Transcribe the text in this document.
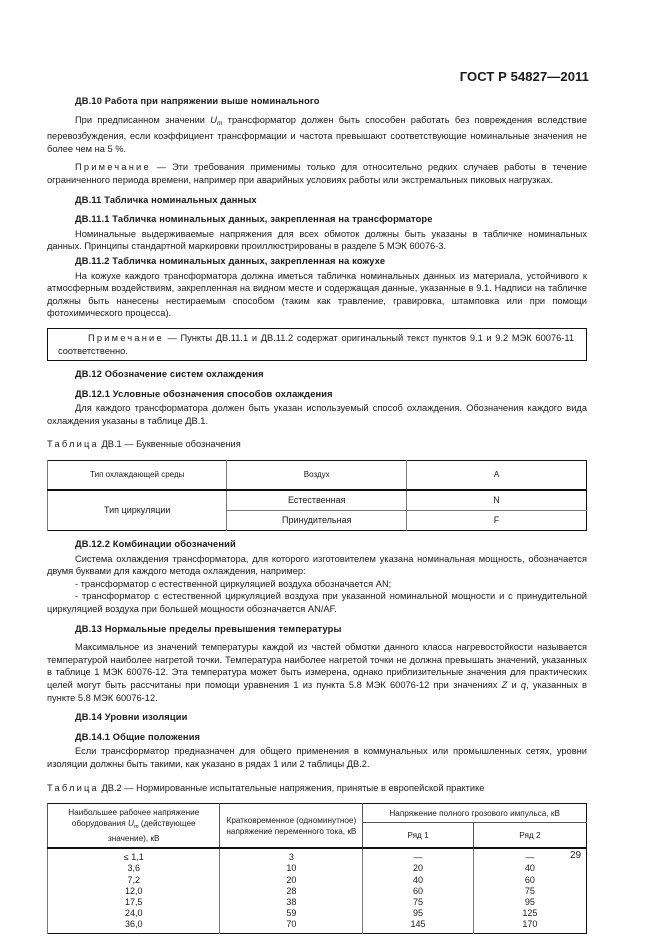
ГОСТ Р 54827—2011
ДВ.10 Работа при напряжении выше номинального

При предписанном значении $U_m$ трансформатор должен быть способен работать без повреждения вследствие перевозбуждения, если коэффициент трансформации и частота превышают соответствующие номинальные значения не более чем на 5 %.

Примечание — Эти требования применимы только для относительно редких случаев работы в течение ограниченного периода времени, например при аварийных условиях работы или экстремальных пиковых нагрузках.

ДВ.11 Табличка номинальных данных
ДВ.11.1 Табличка номинальных данных, закрепленная на трансформаторе

Номинальные выдерживаемые напряжения для всех обмоток должны быть указаны в табличке номинальных данных. Принципы стандартной маркировки проиллюстрированы в разделе 5 МЭК 60076-3.

ДВ.11.2 Табличка номинальных данных, закрепленная на кожухе

На кожухе каждого трансформатора должна иметься табличка номинальных данных из материала, устойчивого к атмосферным воздействиям, закрепленная на видном месте и содержащая данные, указанные в 9.1. Надписи на табличке должны быть нанесены нестираемым способом (таким как травление, гравировка, штамповка или при помощи фотохимического процесса).

Примечание — Пункты ДВ.11.1 и ДВ.11.2 содержат оригинальный текст пунктов 9.1 и 9.2 МЭК 60076-11 соответственно.
ДВ.12 Обозначение систем охлаждения
ДВ.12.1 Условные обозначения способов охлаждения

Для каждого трансформатора должен быть указан используемый способ охлаждения. Обозначения каждого вида охлаждения указаны в таблице ДВ.1.

Таблица ДВ.1 — Буквенные обозначения
Тип охлаждающей среды	Воздух	A
Тип циркуляции	Естественная	N
	Принудительная	F
ДВ.12.2 Комбинации обозначений

Система охлаждения трансформатора, для которого изготовителем указана номинальная мощность, обозначается двумя буквами для каждого метода охлаждения, например:

- трансформатор с естественной циркуляцией воздуха обозначается AN;

- трансформатор с естественной циркуляцией воздуха при указанной номинальной мощности и с принудительной циркуляцией воздуха при большей мощности обозначается AN/AF.

ДВ.13 Нормальные пределы превышения температуры

Максимальное из значений температуры каждой из частей обмотки данного класса нагревостойкости называется температурой наиболее нагретой точки. Температура наиболее нагретой точки не должна превышать значений, указанных в таблице 1 МЭК 60076-12. Эта температура может быть измерена, однако приблизительные значения для практических целей могут быть рассчитаны при помощи уравнения 1 из пункта 5.8 МЭК 60076-12 при значениях Z и q, указанных в пункте 5.8 МЭК 60076-12.

ДВ.14 Уровни изоляции
ДВ.14.1 Общие положения

Если трансформатор предназначен для общего применения в коммунальных или промышленных сетях, уровни изоляции должны быть такими, как указано в рядах 1 или 2 таблицы ДВ.2.

Таблица ДВ.2 — Нормированные испытательные напряжения, принятые в европейской практике
Наибольшее рабочее напряжение оборудования $U_m$ (действующее значение), кВ	Кратковременное (одноминутное) напряжение переменного тока, кВ	Напряжение полного грозового импульса, кВ	
		Ряд 1	Ряд 2
≤ 1,1	3	—	—
3,6	10	20	40
7,2	20	40	60
12,0	28	60	75
17,5	38	75	95
24,0	59	95	125
36,0	70	145	170
29
